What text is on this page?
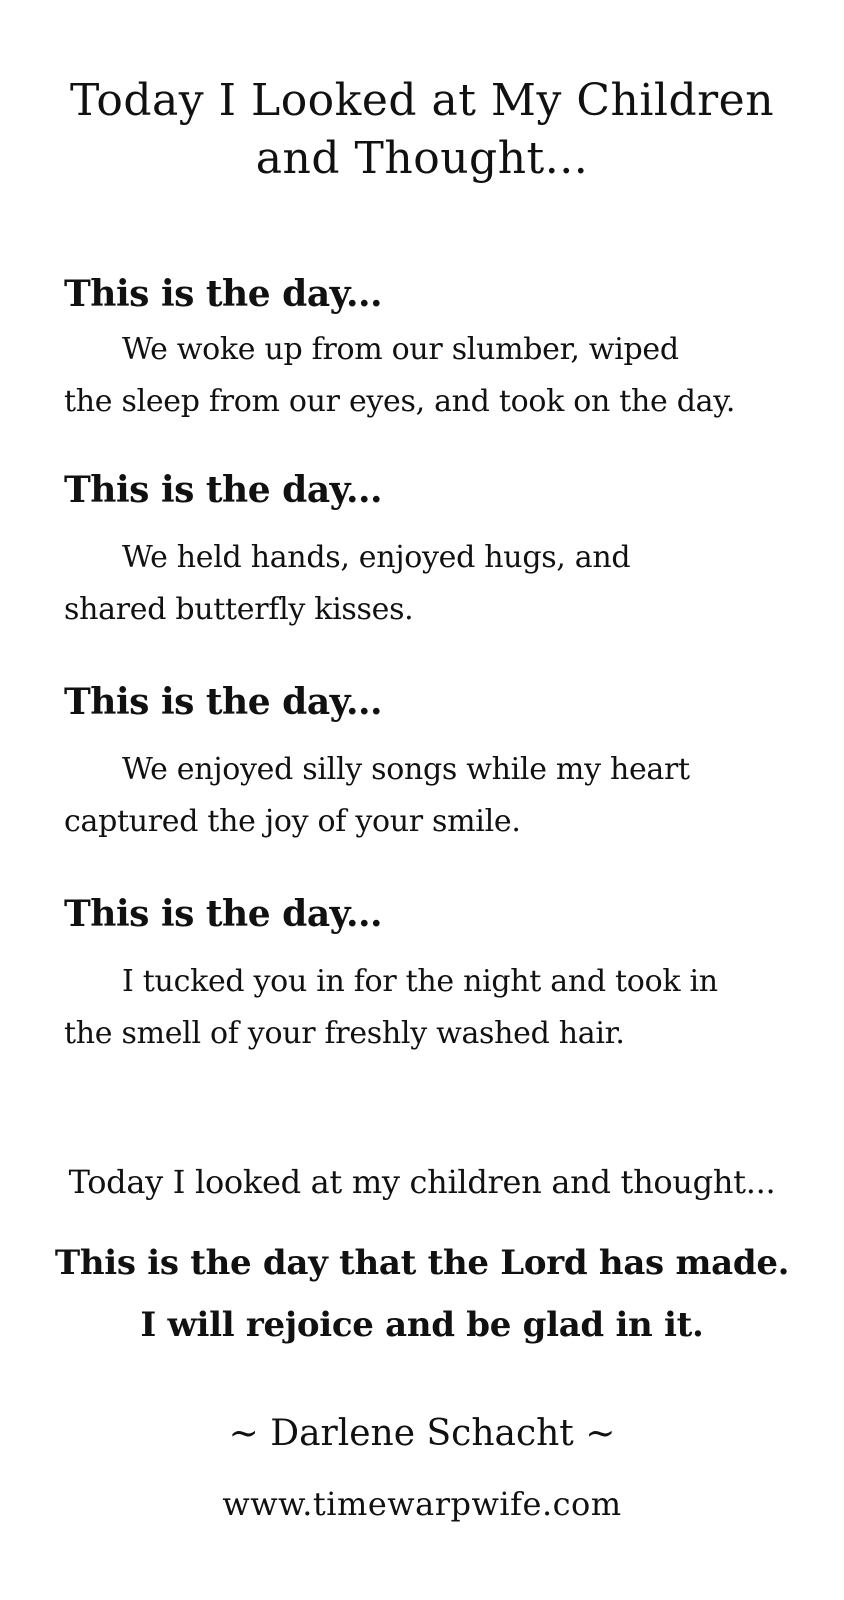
Today I Looked at My Children
and Thought...

This is the day...

We woke up from our slumber, wiped
the sleep from our eyes, and took on the day.

This is the day...

We held hands, enjoyed hugs, and
shared butterfly kisses.

This is the day...

We enjoyed silly songs while my heart
captured the joy of your smile.

This is the day...

I tucked you in for the night and took in
the smell of your freshly washed hair.

Today I looked at my children and thought...

This is the day that the Lord has made.
I will rejoice and be glad in it.

~ Darlene Schacht ~

www.timewarpwife.com
